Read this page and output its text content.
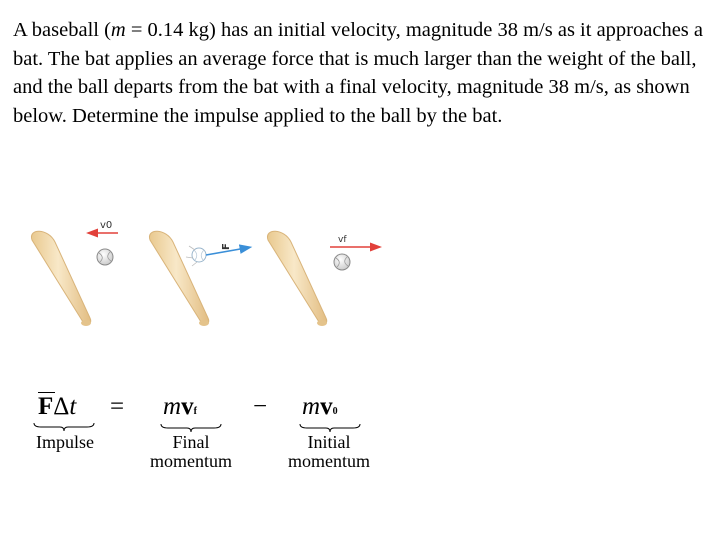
A baseball (m = 0.14 kg) has an initial velocity, magnitude 38 m/s as it approaches a bat. The bat applies an average force that is much larger than the weight of the ball, and the ball departs from the bat with a final velocity, magnitude 38 m/s, as shown below. Determine the impulse applied to the ball by the bat.

v0
F
vf
FΔt = mvf − mv0
Impulse	Final
momentum
Initial
momentum
